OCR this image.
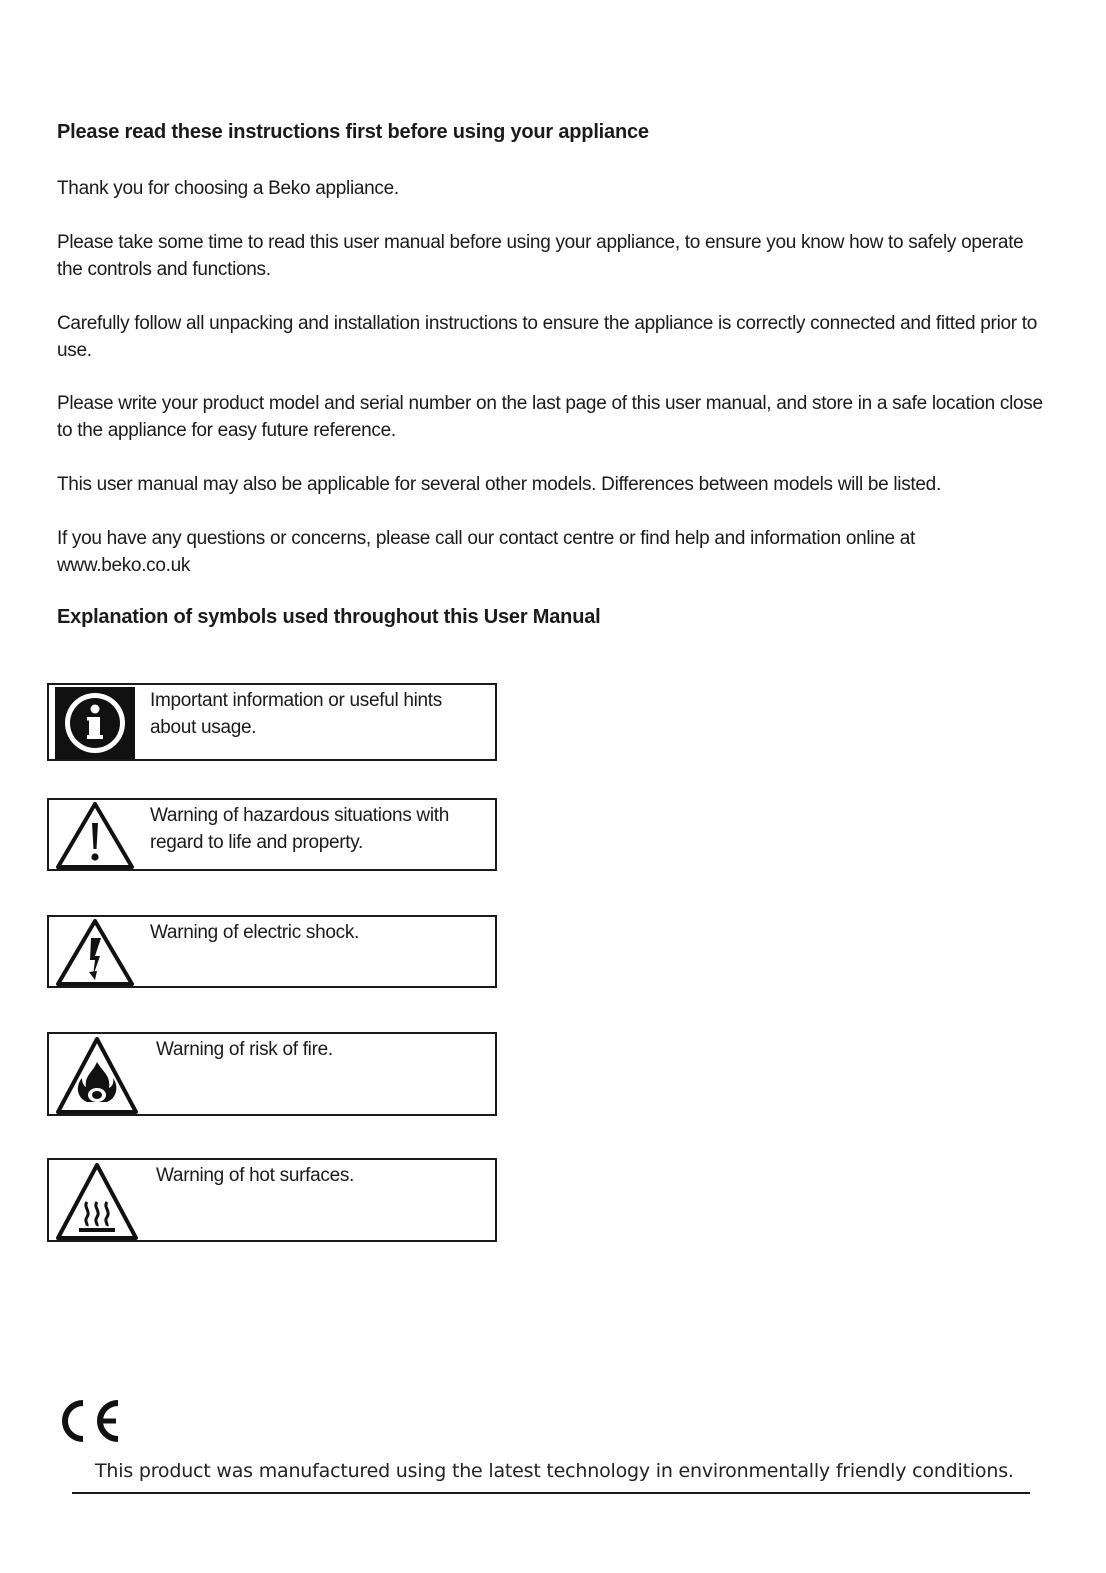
Please read these instructions first before using your appliance

Thank you for choosing a Beko appliance.

Please take some time to read this user manual before using your appliance, to ensure you know how to safely operate the controls and functions.

Carefully follow all unpacking and installation instructions to ensure the appliance is correctly connected and fitted prior to use.

Please write your product model and serial number on the last page of this user manual, and store in a safe location close to the appliance for easy future reference.

This user manual may also be applicable for several other models. Differences between models will be listed.

If you have any questions or concerns, please call our contact centre or find help and information online at www.beko.co.uk

Explanation of symbols used throughout this User Manual

Important information or useful hints about usage.

Warning of hazardous situations with regard to life and property.

Warning of electric shock.

Warning of risk of fire.

Warning of hot surfaces.

This product was manufactured using the latest technology in environmentally friendly conditions.
